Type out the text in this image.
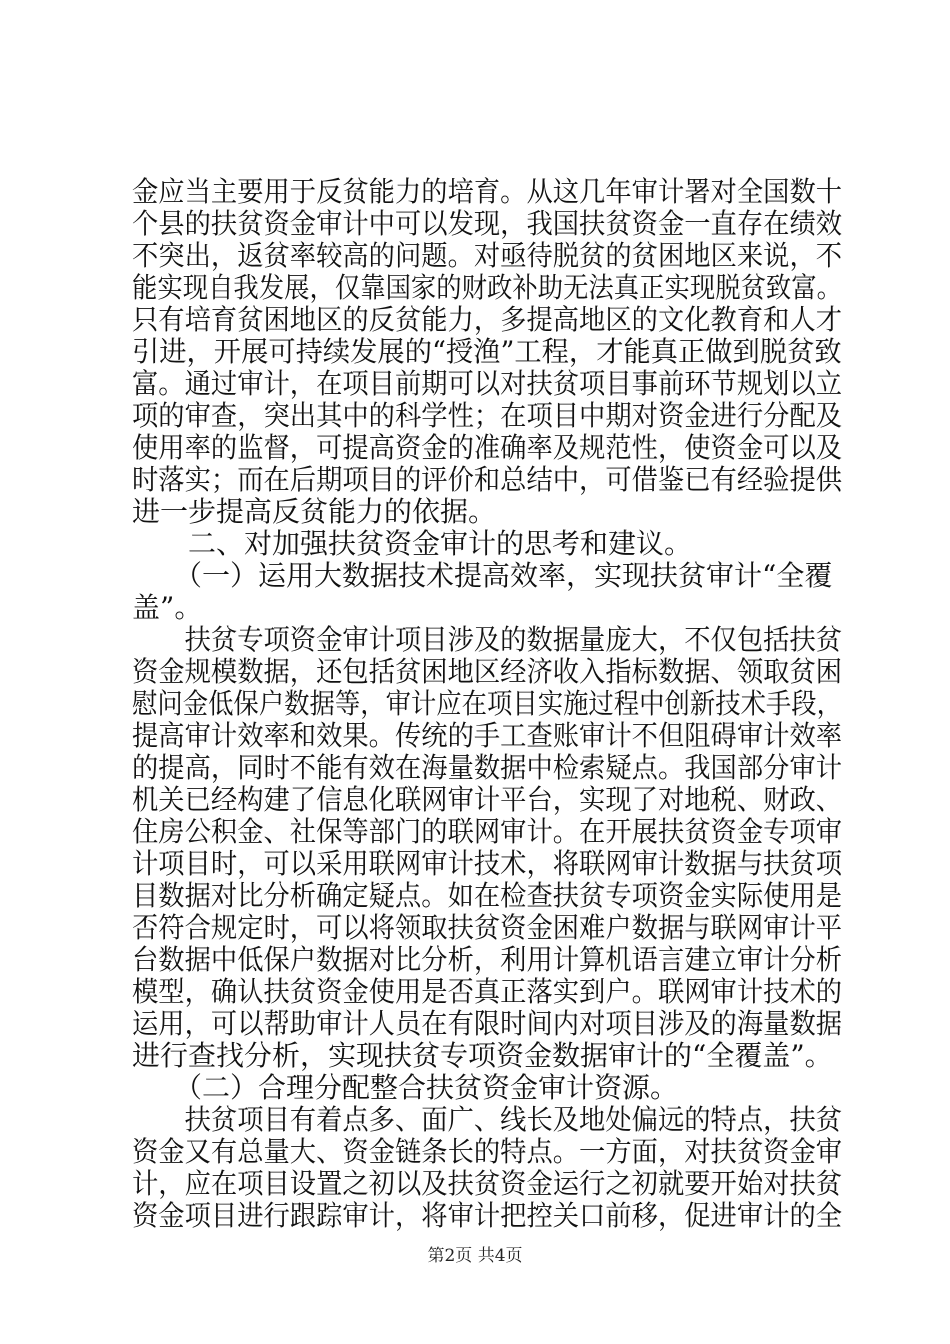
金应当主要用于反贫能力的培育。从这几年审计署对全国数十
个县的扶贫资金审计中可以发现，我国扶贫资金一直存在绩效
不突出，返贫率较高的问题。对亟待脱贫的贫困地区来说，不
能实现自我发展，仅靠国家的财政补助无法真正实现脱贫致富。
只有培育贫困地区的反贫能力，多提高地区的文化教育和人才
引进，开展可持续发展的“授渔”工程，才能真正做到脱贫致
富。通过审计，在项目前期可以对扶贫项目事前环节规划以立
项的审查，突出其中的科学性；在项目中期对资金进行分配及
使用率的监督，可提高资金的准确率及规范性，使资金可以及
时落实；而在后期项目的评价和总结中，可借鉴已有经验提供
进一步提高反贫能力的依据。
　　二、对加强扶贫资金审计的思考和建议。
　　（一）运用大数据技术提高效率，实现扶贫审计“全覆
盖”。
　　扶贫专项资金审计项目涉及的数据量庞大，不仅包括扶贫
资金规模数据，还包括贫困地区经济收入指标数据、领取贫困
慰问金低保户数据等，审计应在项目实施过程中创新技术手段，
提高审计效率和效果。传统的手工查账审计不但阻碍审计效率
的提高，同时不能有效在海量数据中检索疑点。我国部分审计
机关已经构建了信息化联网审计平台，实现了对地税、财政、
住房公积金、社保等部门的联网审计。在开展扶贫资金专项审
计项目时，可以采用联网审计技术，将联网审计数据与扶贫项
目数据对比分析确定疑点。如在检查扶贫专项资金实际使用是
否符合规定时，可以将领取扶贫资金困难户数据与联网审计平
台数据中低保户数据对比分析，利用计算机语言建立审计分析
模型，确认扶贫资金使用是否真正落实到户。联网审计技术的
运用，可以帮助审计人员在有限时间内对项目涉及的海量数据
进行查找分析，实现扶贫专项资金数据审计的“全覆盖”。
　　（二）合理分配整合扶贫资金审计资源。
　　扶贫项目有着点多、面广、线长及地处偏远的特点，扶贫
资金又有总量大、资金链条长的特点。一方面，对扶贫资金审
计，应在项目设置之初以及扶贫资金运行之初就要开始对扶贫
资金项目进行跟踪审计，将审计把控关口前移，促进审计的全
第2页 共4页
